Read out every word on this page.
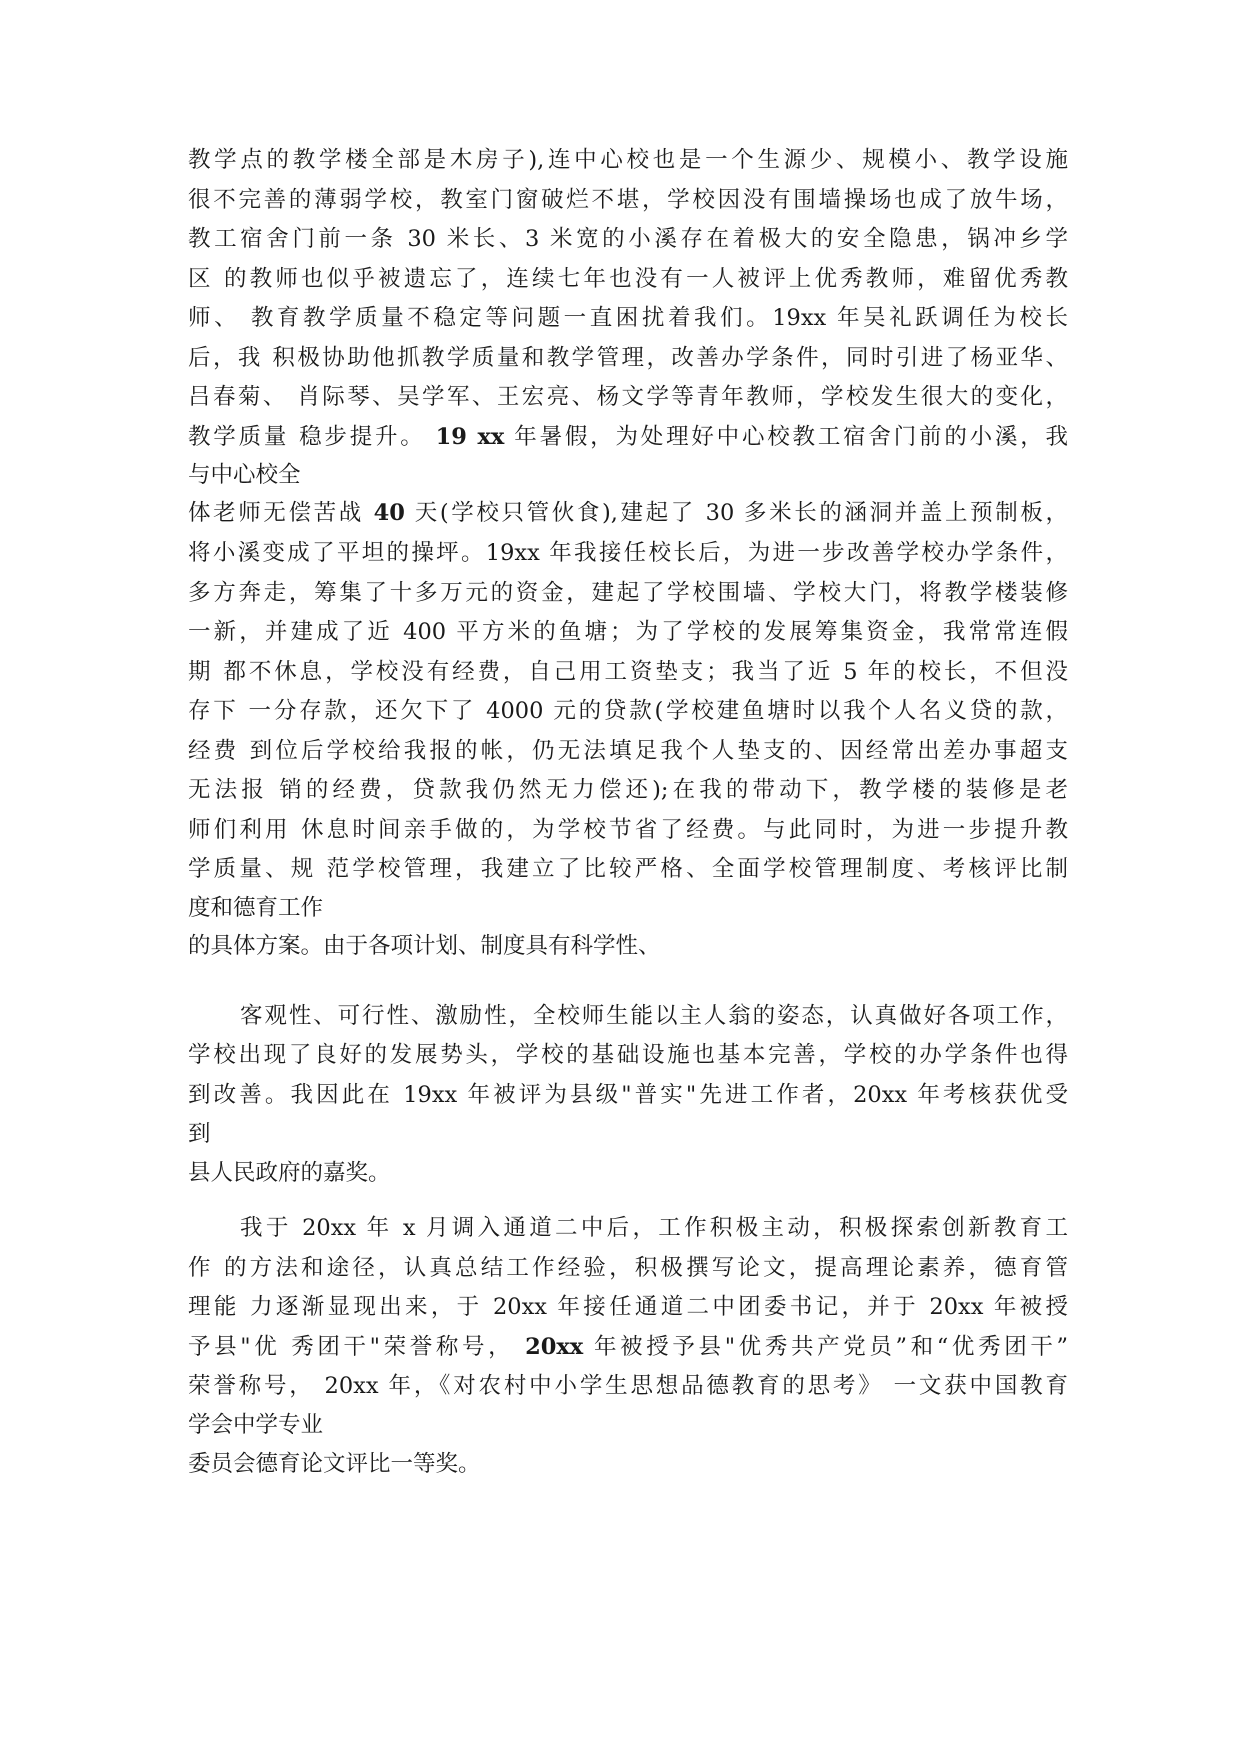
教学点的教学楼全部是木房子),连中心校也是一个生源少、规模小、教学设施
很不完善的薄弱学校，教室门窗破烂不堪，学校因没有围墙操场也成了放牛场，
教工宿舍门前一条 30 米长、3 米宽的小溪存在着极大的安全隐患，锅冲乡学
区 的教师也似乎被遗忘了，连续七年也没有一人被评上优秀教师，难留优秀教
师、 教育教学质量不稳定等问题一直困扰着我们。19xx 年吴礼跃调任为校长
后，我 积极协助他抓教学质量和教学管理，改善办学条件，同时引进了杨亚华、
吕春菊、 肖际琴、吴学军、王宏亮、杨文学等青年教师，学校发生很大的变化，
教学质量 稳步提升。 19 xx 年暑假，为处理好中心校教工宿舍门前的小溪，我
与中心校全
体老师无偿苦战 40 天(学校只管伙食),建起了 30 多米长的涵洞并盖上预制板，
将小溪变成了平坦的操坪。19xx 年我接任校长后，为进一步改善学校办学条件，
多方奔走，筹集了十多万元的资金，建起了学校围墙、学校大门，将教学楼装修
一新，并建成了近 400 平方米的鱼塘；为了学校的发展筹集资金，我常常连假
期 都不休息，学校没有经费，自己用工资垫支；我当了近 5 年的校长，不但没
存下 一分存款，还欠下了 4000 元的贷款(学校建鱼塘时以我个人名义贷的款，
经费 到位后学校给我报的帐，仍无法填足我个人垫支的、因经常出差办事超支
无法报 销的经费，贷款我仍然无力偿还);在我的带动下，教学楼的装修是老
师们利用 休息时间亲手做的，为学校节省了经费。与此同时，为进一步提升教
学质量、规 范学校管理，我建立了比较严格、全面学校管理制度、考核评比制
度和德育工作
的具体方案。由于各项计划、制度具有科学性、
客观性、可行性、激励性，全校师生能以主人翁的姿态，认真做好各项工作，
学校出现了良好的发展势头，学校的基础设施也基本完善，学校的办学条件也得
到改善。我因此在 19xx 年被评为县级"普实"先进工作者，20xx 年考核获优受
到
县人民政府的嘉奖。
我于 20xx 年 x 月调入通道二中后，工作积极主动，积极探索创新教育工
作 的方法和途径，认真总结工作经验，积极撰写论文，提高理论素养，德育管
理能 力逐渐显现出来，于 20xx 年接任通道二中团委书记，并于 20xx 年被授
予县"优 秀团干"荣誉称号， 20xx 年被授予县"优秀共产党员”和“优秀团干”
荣誉称号， 20xx 年，《对农村中小学生思想品德教育的思考》 一文获中国教育
学会中学专业
委员会德育论文评比一等奖。
